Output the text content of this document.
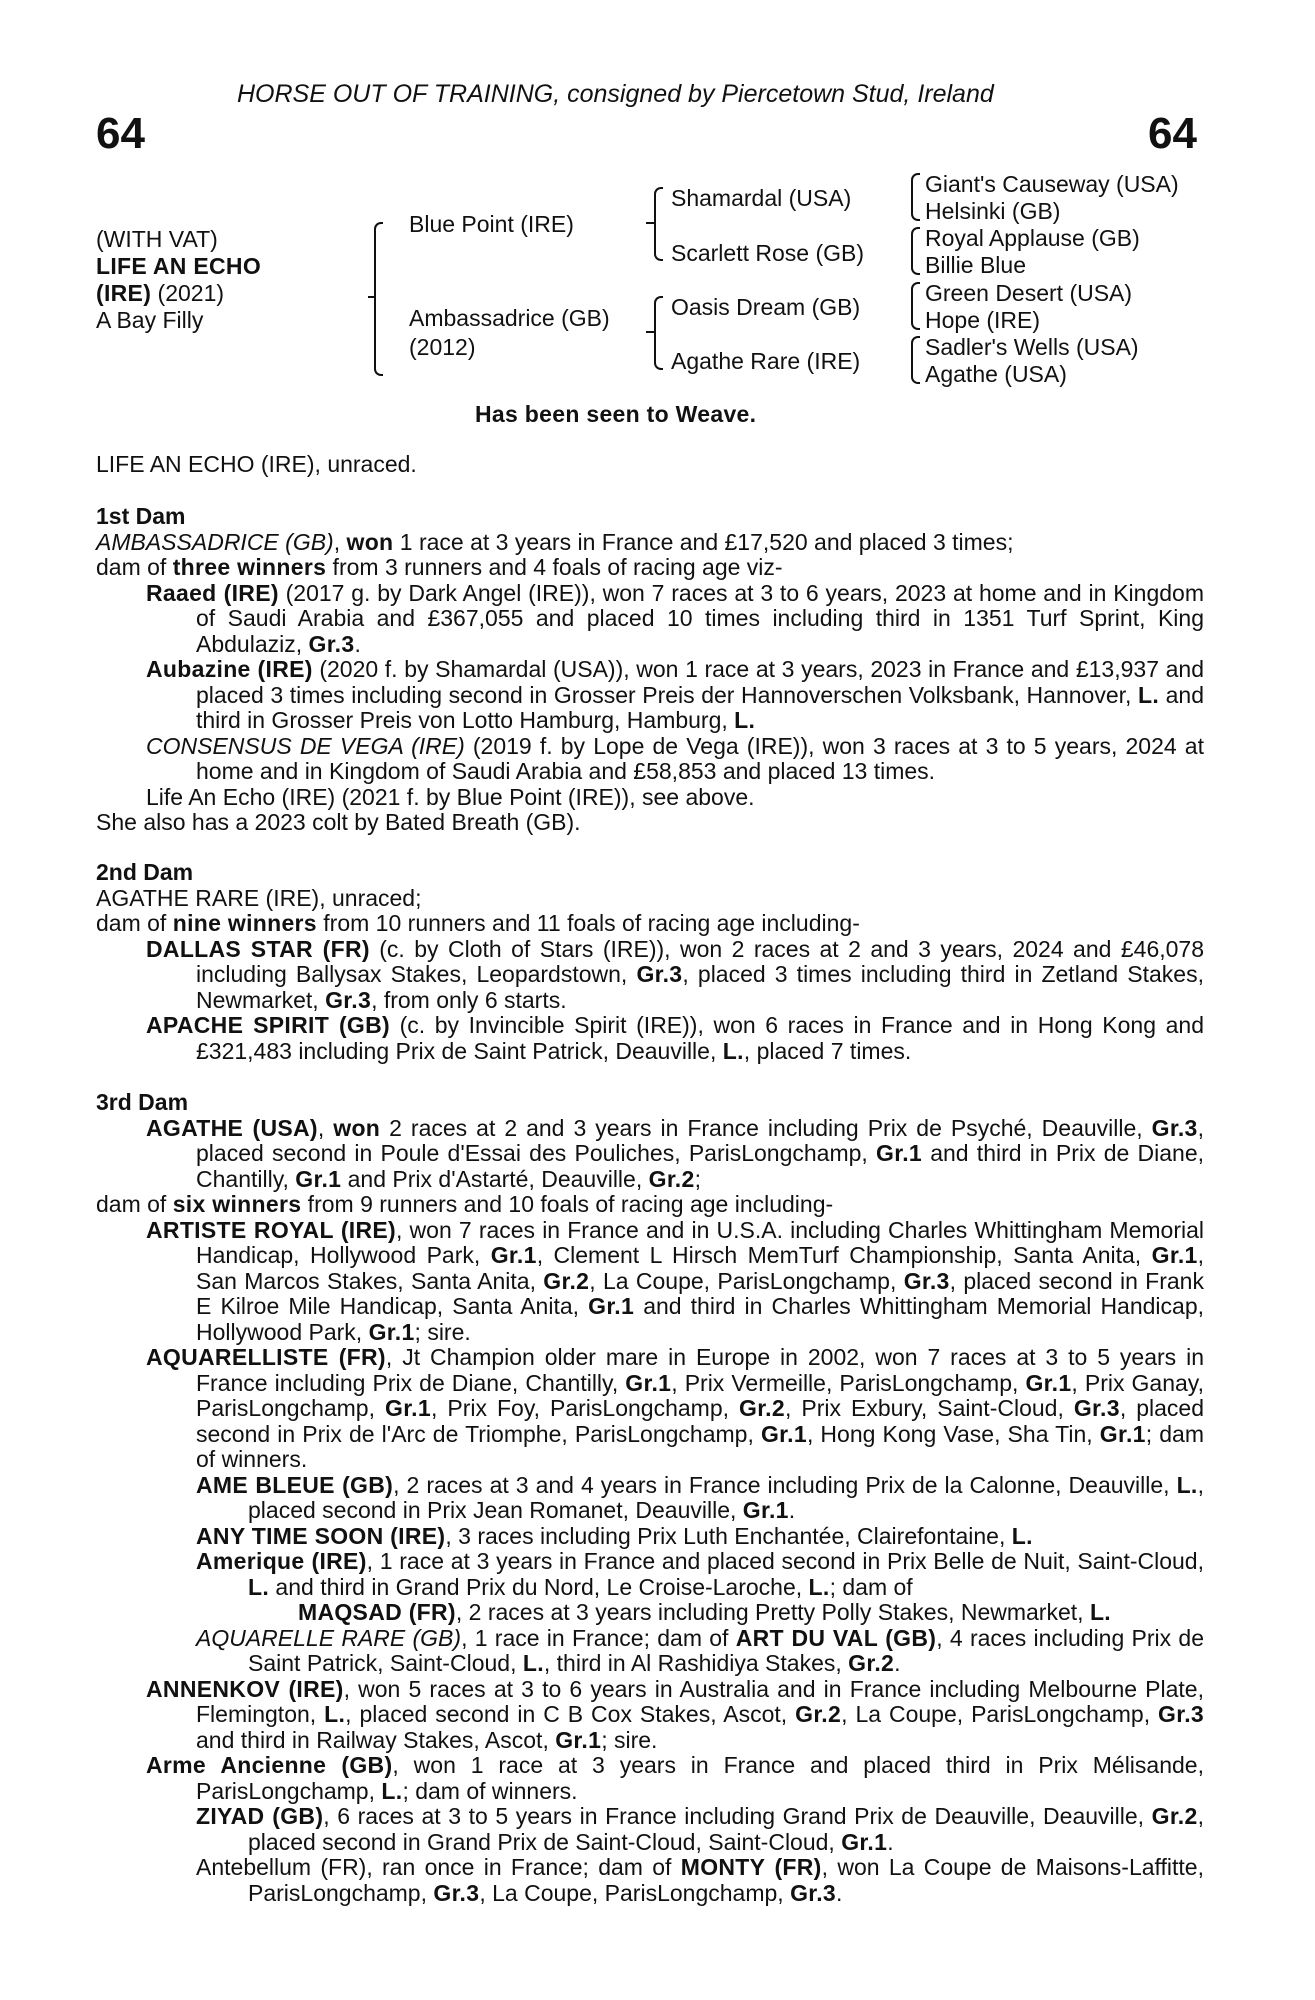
HORSE OUT OF TRAINING, consigned by Piercetown Stud, Ireland
64	64
(WITH VAT)
LIFE AN ECHO
(IRE) (2021)
A Bay Filly
Blue Point (IRE)
Ambassadrice (GB)
(2012)
Shamardal (USA)
Scarlett Rose (GB)
Oasis Dream (GB)
Agathe Rare (IRE)
Giant's Causeway (USA)
Helsinki (GB)
Royal Applause (GB)
Billie Blue
Green Desert (USA)
Hope (IRE)
Sadler's Wells (USA)
Agathe (USA)
Has been seen to Weave.
LIFE AN ECHO (IRE), unraced.

1st Dam

AMBASSADRICE (GB), won 1 race at 3 years in France and £17,520 and placed 3 times;

dam of three winners from 3 runners and 4 foals of racing age viz-

Raaed (IRE) (2017 g. by Dark Angel (IRE)), won 7 races at 3 to 6 years, 2023 at home and in Kingdom of Saudi Arabia and £367,055 and placed 10 times including third in 1351 Turf Sprint, King Abdulaziz, Gr.3.

Aubazine (IRE) (2020 f. by Shamardal (USA)), won 1 race at 3 years, 2023 in France and £13,937 and placed 3 times including second in Grosser Preis der Hannoverschen Volksbank, Hannover, L. and third in Grosser Preis von Lotto Hamburg, Hamburg, L.

CONSENSUS DE VEGA (IRE) (2019 f. by Lope de Vega (IRE)), won 3 races at 3 to 5 years, 2024 at home and in Kingdom of Saudi Arabia and £58,853 and placed 13 times.

Life An Echo (IRE) (2021 f. by Blue Point (IRE)), see above.

She also has a 2023 colt by Bated Breath (GB).

2nd Dam

AGATHE RARE (IRE), unraced;

dam of nine winners from 10 runners and 11 foals of racing age including-

DALLAS STAR (FR) (c. by Cloth of Stars (IRE)), won 2 races at 2 and 3 years, 2024 and £46,078 including Ballysax Stakes, Leopardstown, Gr.3, placed 3 times including third in Zetland Stakes, Newmarket, Gr.3, from only 6 starts.

APACHE SPIRIT (GB) (c. by Invincible Spirit (IRE)), won 6 races in France and in Hong Kong and £321,483 including Prix de Saint Patrick, Deauville, L., placed 7 times.

3rd Dam

AGATHE (USA), won 2 races at 2 and 3 years in France including Prix de Psyché, Deauville, Gr.3, placed second in Poule d'Essai des Pouliches, ParisLongchamp, Gr.1 and third in Prix de Diane, Chantilly, Gr.1 and Prix d'Astarté, Deauville, Gr.2;

dam of six winners from 9 runners and 10 foals of racing age including-

ARTISTE ROYAL (IRE), won 7 races in France and in U.S.A. including Charles Whittingham Memorial Handicap, Hollywood Park, Gr.1, Clement L Hirsch MemTurf Championship, Santa Anita, Gr.1, San Marcos Stakes, Santa Anita, Gr.2, La Coupe, ParisLongchamp, Gr.3, placed second in Frank E Kilroe Mile Handicap, Santa Anita, Gr.1 and third in Charles Whittingham Memorial Handicap, Hollywood Park, Gr.1; sire.

AQUARELLISTE (FR), Jt Champion older mare in Europe in 2002, won 7 races at 3 to 5 years in France including Prix de Diane, Chantilly, Gr.1, Prix Vermeille, ParisLongchamp, Gr.1, Prix Ganay, ParisLongchamp, Gr.1, Prix Foy, ParisLongchamp, Gr.2, Prix Exbury, Saint-Cloud, Gr.3, placed second in Prix de l'Arc de Triomphe, ParisLongchamp, Gr.1, Hong Kong Vase, Sha Tin, Gr.1; dam of winners.

AME BLEUE (GB), 2 races at 3 and 4 years in France including Prix de la Calonne, Deauville, L., placed second in Prix Jean Romanet, Deauville, Gr.1.

ANY TIME SOON (IRE), 3 races including Prix Luth Enchantée, Clairefontaine, L.

Amerique (IRE), 1 race at 3 years in France and placed second in Prix Belle de Nuit, Saint-Cloud, L. and third in Grand Prix du Nord, Le Croise-Laroche, L.; dam of

MAQSAD (FR), 2 races at 3 years including Pretty Polly Stakes, Newmarket, L.

AQUARELLE RARE (GB), 1 race in France; dam of ART DU VAL (GB), 4 races including Prix de Saint Patrick, Saint-Cloud, L., third in Al Rashidiya Stakes, Gr.2.

ANNENKOV (IRE), won 5 races at 3 to 6 years in Australia and in France including Melbourne Plate, Flemington, L., placed second in C B Cox Stakes, Ascot, Gr.2, La Coupe, ParisLongchamp, Gr.3 and third in Railway Stakes, Ascot, Gr.1; sire.

Arme Ancienne (GB), won 1 race at 3 years in France and placed third in Prix Mélisande, ParisLongchamp, L.; dam of winners.

ZIYAD (GB), 6 races at 3 to 5 years in France including Grand Prix de Deauville, Deauville, Gr.2, placed second in Grand Prix de Saint-Cloud, Saint-Cloud, Gr.1.

Antebellum (FR), ran once in France; dam of MONTY (FR), won La Coupe de Maisons-Laffitte, ParisLongchamp, Gr.3, La Coupe, ParisLongchamp, Gr.3.
